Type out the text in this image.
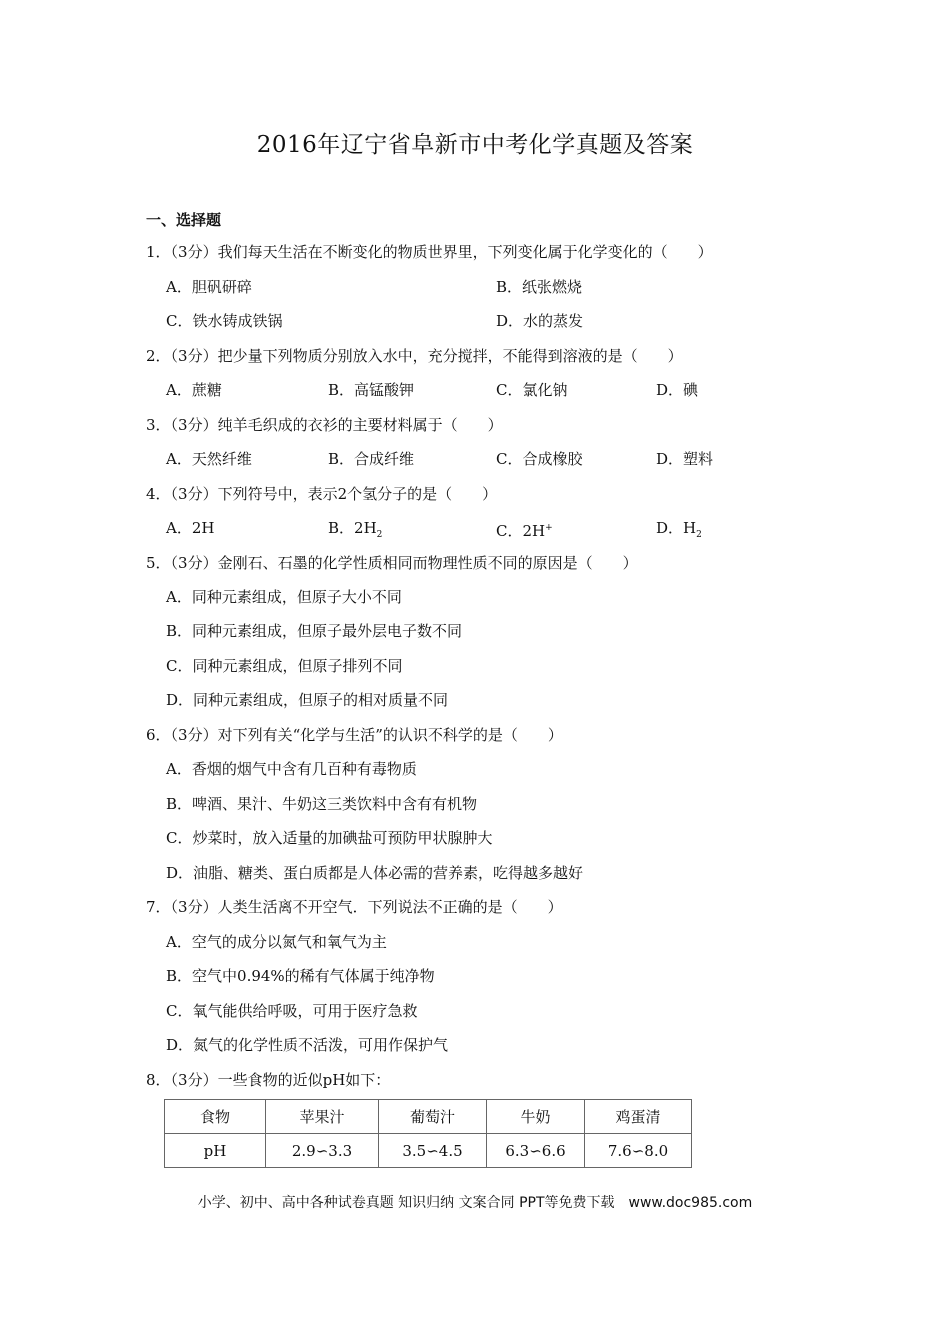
2016年辽宁省阜新市中考化学真题及答案
一、选择题
1．（3分）我们每天生活在不断变化的物质世界里，下列变化属于化学变化的（　　）
A．胆矾研碎	B．纸张燃烧
C．铁水铸成铁锅	D．水的蒸发
2．（3分）把少量下列物质分别放入水中，充分搅拌，不能得到溶液的是（　　）
A．蔗糖	B．高锰酸钾	C．氯化钠	D．碘
3．（3分）纯羊毛织成的衣衫的主要材料属于（　　）
A．天然纤维	B．合成纤维	C．合成橡胶	D．塑料
4．（3分）下列符号中，表示2个氢分子的是（　　）
A．2H	B．$2H_2$	C．2H+	D．$H_2$
5．（3分）金刚石、石墨的化学性质相同而物理性质不同的原因是（　　）
A．同种元素组成，但原子大小不同
B．同种元素组成，但原子最外层电子数不同
C．同种元素组成，但原子排列不同
D．同种元素组成，但原子的相对质量不同
6．（3分）对下列有关“化学与生活”的认识不科学的是（　　）
A．香烟的烟气中含有几百种有毒物质
B．啤酒、果汁、牛奶这三类饮料中含有有机物
C．炒菜时，放入适量的加碘盐可预防甲状腺肿大
D．油脂、糖类、蛋白质都是人体必需的营养素，吃得越多越好
7．（3分）人类生活离不开空气．下列说法不正确的是（　　）
A．空气的成分以氮气和氧气为主
B．空气中0.94%的稀有气体属于纯净物
C．氧气能供给呼吸，可用于医疗急救
D．氮气的化学性质不活泼，可用作保护气
8．（3分）一些食物的近似pH如下：
食物	苹果汁	葡萄汁	牛奶	鸡蛋清
pH	2.9∽3.3	3.5∽4.5	6.3∽6.6	7.6∽8.0
小学、初中、高中各种试卷真题 知识归纳 文案合同 PPT等免费下载　www.doc985.com
